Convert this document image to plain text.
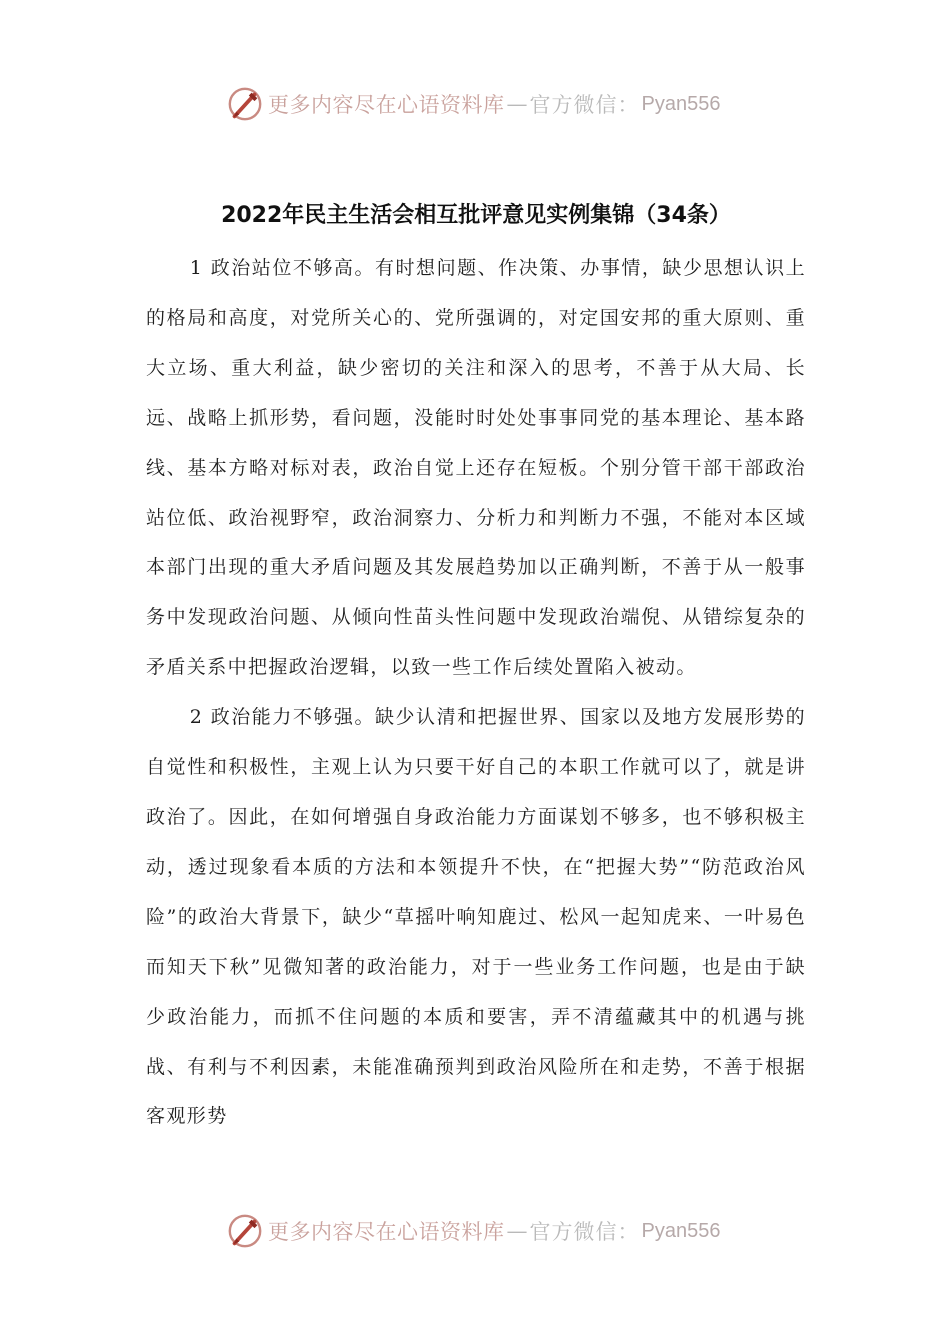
更多内容尽在心语资料库 — 官方微信： Pyan556
2022年民主生活会相互批评意见实例集锦（34条）

1 政治站位不够高。有时想问题、作决策、办事情，缺少思想认识上的格局和高度，对党所关心的、党所强调的，对定国安邦的重大原则、重大立场、重大利益，缺少密切的关注和深入的思考，不善于从大局、长远、战略上抓形势，看问题，没能时时处处事事同党的基本理论、基本路线、基本方略对标对表，政治自觉上还存在短板。个别分管干部干部政治站位低、政治视野窄，政治洞察力、分析力和判断力不强，不能对本区域本部门出现的重大矛盾问题及其发展趋势加以正确判断，不善于从一般事务中发现政治问题、从倾向性苗头性问题中发现政治端倪、从错综复杂的矛盾关系中把握政治逻辑，以致一些工作后续处置陷入被动。

2 政治能力不够强。缺少认清和把握世界、国家以及地方发展形势的自觉性和积极性，主观上认为只要干好自己的本职工作就可以了，就是讲政治了。因此，在如何增强自身政治能力方面谋划不够多，也不够积极主动，透过现象看本质的方法和本领提升不快，在“把握大势”“防范政治风险”的政治大背景下，缺少“草摇叶响知鹿过、松风一起知虎来、一叶易色而知天下秋”见微知著的政治能力，对于一些业务工作问题，也是由于缺少政治能力，而抓不住问题的本质和要害，弄不清蕴藏其中的机遇与挑战、有利与不利因素，未能准确预判到政治风险所在和走势，不善于根据客观形势

更多内容尽在心语资料库 — 官方微信： Pyan556
